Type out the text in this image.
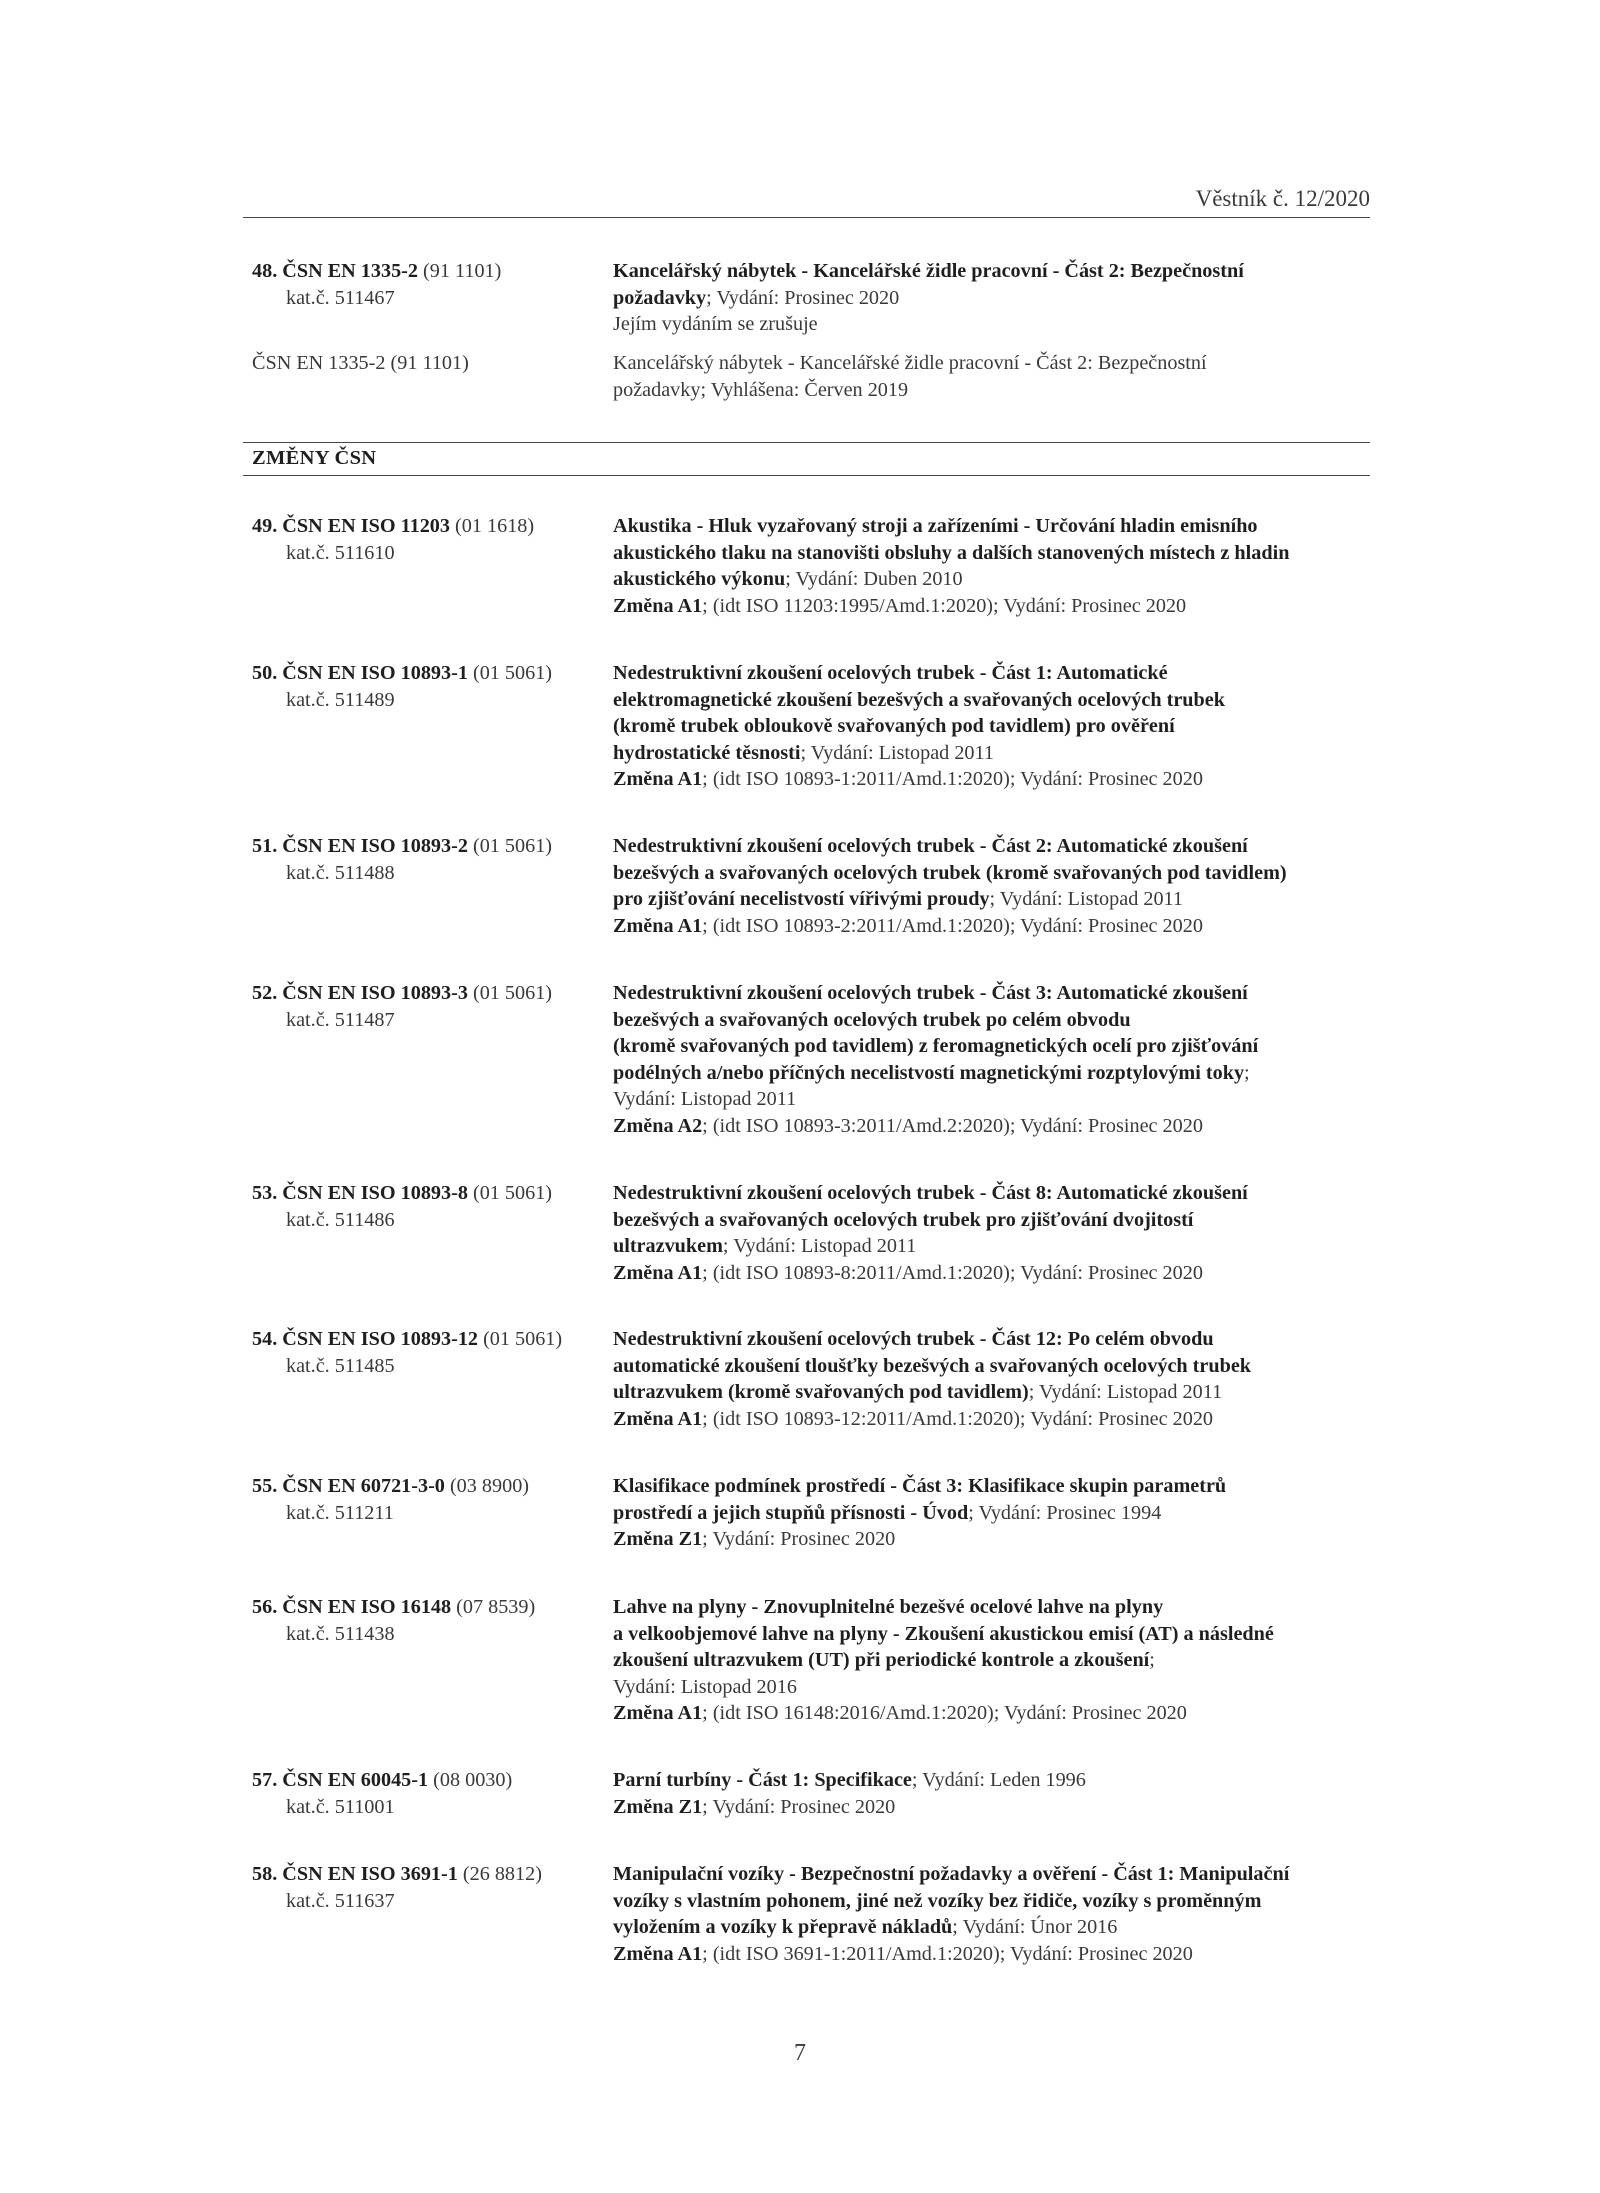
Věstník č. 12/2020
ZMĚNY ČSN
48. ČSN EN 1335-2 (91 1101)
kat.č. 511467
Kancelářský nábytek - Kancelářské židle pracovní - Část 2: Bezpečnostní
požadavky; Vydání: Prosinec 2020
Jejím vydáním se zrušuje
ČSN EN 1335-2 (91 1101)	Kancelářský nábytek - Kancelářské židle pracovní - Část 2: Bezpečnostní
požadavky; Vyhlášena: Červen 2019
49. ČSN EN ISO 11203 (01 1618)
kat.č. 511610
Akustika - Hluk vyzařovaný stroji a zařízeními - Určování hladin emisního
akustického tlaku na stanovišti obsluhy a dalších stanovených místech z hladin
akustického výkonu; Vydání: Duben 2010
Změna A1; (idt ISO 11203:1995/Amd.1:2020); Vydání: Prosinec 2020
50. ČSN EN ISO 10893-1 (01 5061)
kat.č. 511489
Nedestruktivní zkoušení ocelových trubek - Část 1: Automatické
elektromagnetické zkoušení bezešvých a svařovaných ocelových trubek
(kromě trubek obloukově svařovaných pod tavidlem) pro ověření
hydrostatické těsnosti; Vydání: Listopad 2011
Změna A1; (idt ISO 10893-1:2011/Amd.1:2020); Vydání: Prosinec 2020
51. ČSN EN ISO 10893-2 (01 5061)
kat.č. 511488
Nedestruktivní zkoušení ocelových trubek - Část 2: Automatické zkoušení
bezešvých a svařovaných ocelových trubek (kromě svařovaných pod tavidlem)
pro zjišťování necelistvostí vířivými proudy; Vydání: Listopad 2011
Změna A1; (idt ISO 10893-2:2011/Amd.1:2020); Vydání: Prosinec 2020
52. ČSN EN ISO 10893-3 (01 5061)
kat.č. 511487
Nedestruktivní zkoušení ocelových trubek - Část 3: Automatické zkoušení
bezešvých a svařovaných ocelových trubek po celém obvodu
(kromě svařovaných pod tavidlem) z feromagnetických ocelí pro zjišťování
podélných a/nebo příčných necelistvostí magnetickými rozptylovými toky;
Vydání: Listopad 2011
Změna A2; (idt ISO 10893-3:2011/Amd.2:2020); Vydání: Prosinec 2020
53. ČSN EN ISO 10893-8 (01 5061)
kat.č. 511486
Nedestruktivní zkoušení ocelových trubek - Část 8: Automatické zkoušení
bezešvých a svařovaných ocelových trubek pro zjišťování dvojitostí
ultrazvukem; Vydání: Listopad 2011
Změna A1; (idt ISO 10893-8:2011/Amd.1:2020); Vydání: Prosinec 2020
54. ČSN EN ISO 10893-12 (01 5061)
kat.č. 511485
Nedestruktivní zkoušení ocelových trubek - Část 12: Po celém obvodu
automatické zkoušení tloušťky bezešvých a svařovaných ocelových trubek
ultrazvukem (kromě svařovaných pod tavidlem); Vydání: Listopad 2011
Změna A1; (idt ISO 10893-12:2011/Amd.1:2020); Vydání: Prosinec 2020
55. ČSN EN 60721-3-0 (03 8900)
kat.č. 511211
Klasifikace podmínek prostředí - Část 3: Klasifikace skupin parametrů
prostředí a jejich stupňů přísnosti - Úvod; Vydání: Prosinec 1994
Změna Z1; Vydání: Prosinec 2020
56. ČSN EN ISO 16148 (07 8539)
kat.č. 511438
Lahve na plyny - Znovuplnitelné bezešvé ocelové lahve na plyny
a velkoobjemové lahve na plyny - Zkoušení akustickou emisí (AT) a následné
zkoušení ultrazvukem (UT) při periodické kontrole a zkoušení;
Vydání: Listopad 2016
Změna A1; (idt ISO 16148:2016/Amd.1:2020); Vydání: Prosinec 2020
57. ČSN EN 60045-1 (08 0030)
kat.č. 511001
Parní turbíny - Část 1: Specifikace; Vydání: Leden 1996
Změna Z1; Vydání: Prosinec 2020
58. ČSN EN ISO 3691-1 (26 8812)
kat.č. 511637
Manipulační vozíky - Bezpečnostní požadavky a ověření - Část 1: Manipulační
vozíky s vlastním pohonem, jiné než vozíky bez řidiče, vozíky s proměnným
vyložením a vozíky k přepravě nákladů; Vydání: Únor 2016
Změna A1; (idt ISO 3691-1:2011/Amd.1:2020); Vydání: Prosinec 2020
7
